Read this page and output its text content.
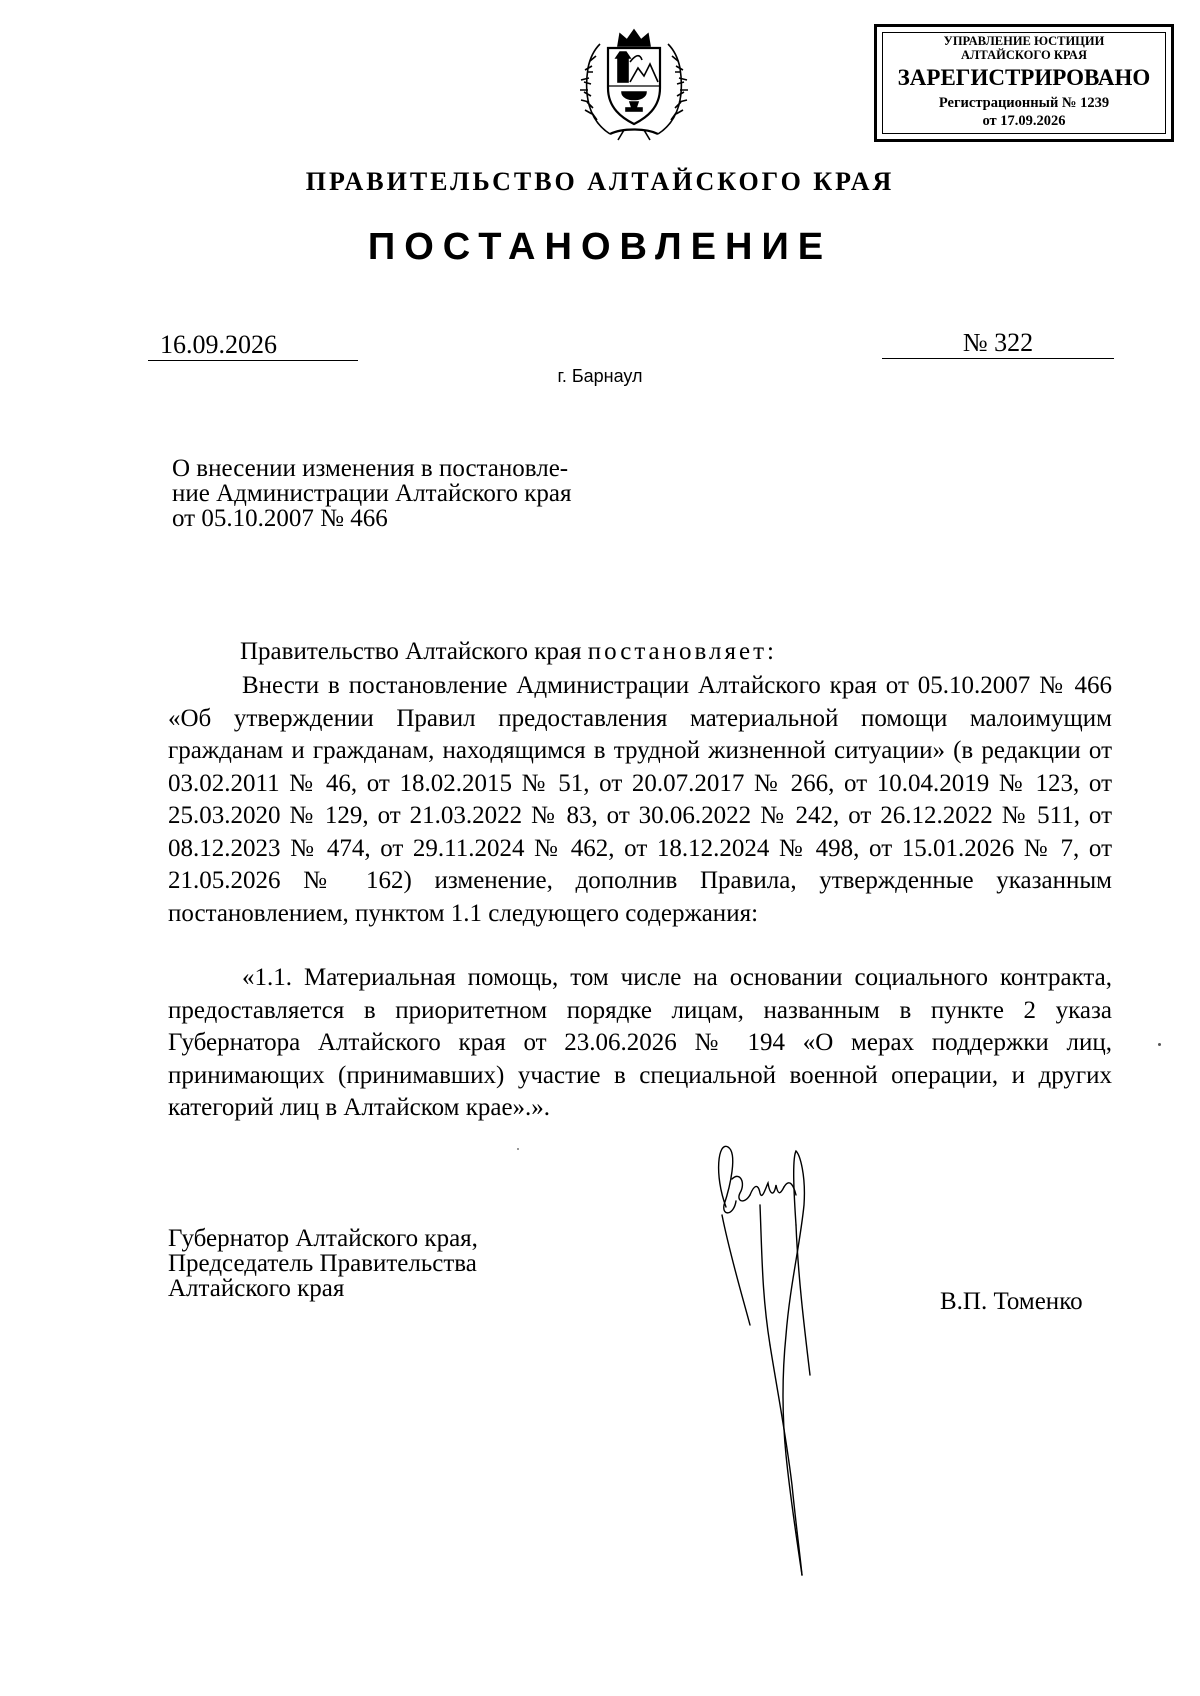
УПРАВЛЕНИЕ ЮСТИЦИИ
АЛТАЙСКОГО КРАЯ
ЗАРЕГИСТРИРОВАНО
Регистрационный № 1239
от 17.09.2026
ПРАВИТЕЛЬСТВО АЛТАЙСКОГО КРАЯ
ПОСТАНОВЛЕНИЕ
16.09.2026	№ 322
г. Барнаул
О внесении изменения в постановле-
ние Администрации Алтайского края
от 05.10.2007 № 466
Правительство Алтайского края постановляет:
Внести в постановление Администрации Алтайского края от 05.10.2007 № 466 «Об утверждении Правил предоставления материальной помощи малоимущим гражданам и гражданам, находящимся в трудной жизненной ситуации» (в редакции от 03.02.2011 № 46, от 18.02.2015 № 51, от 20.07.2017 № 266, от 10.04.2019 № 123, от 25.03.2020 № 129, от 21.03.2022 № 83, от 30.06.2022 № 242, от 26.12.2022 № 511, от 08.12.2023 № 474, от 29.11.2024 № 462, от 18.12.2024 № 498, от 15.01.2026 № 7, от 21.05.2026 № 162) изменение, дополнив Правила, утвержденные указанным постановлением, пунктом 1.1 следующего содержания:
«1.1. Материальная помощь, том числе на основании социального контракта, предоставляется в приоритетном порядке лицам, названным в пункте 2 указа Губернатора Алтайского края от 23.06.2026 № 194 «О мерах поддержки лиц, принимающих (принимавших) участие в специальной военной операции, и других категорий лиц в Алтайском крае».».
Губернатор Алтайского края,
Председатель Правительства
Алтайского края	В.П. Томенко
